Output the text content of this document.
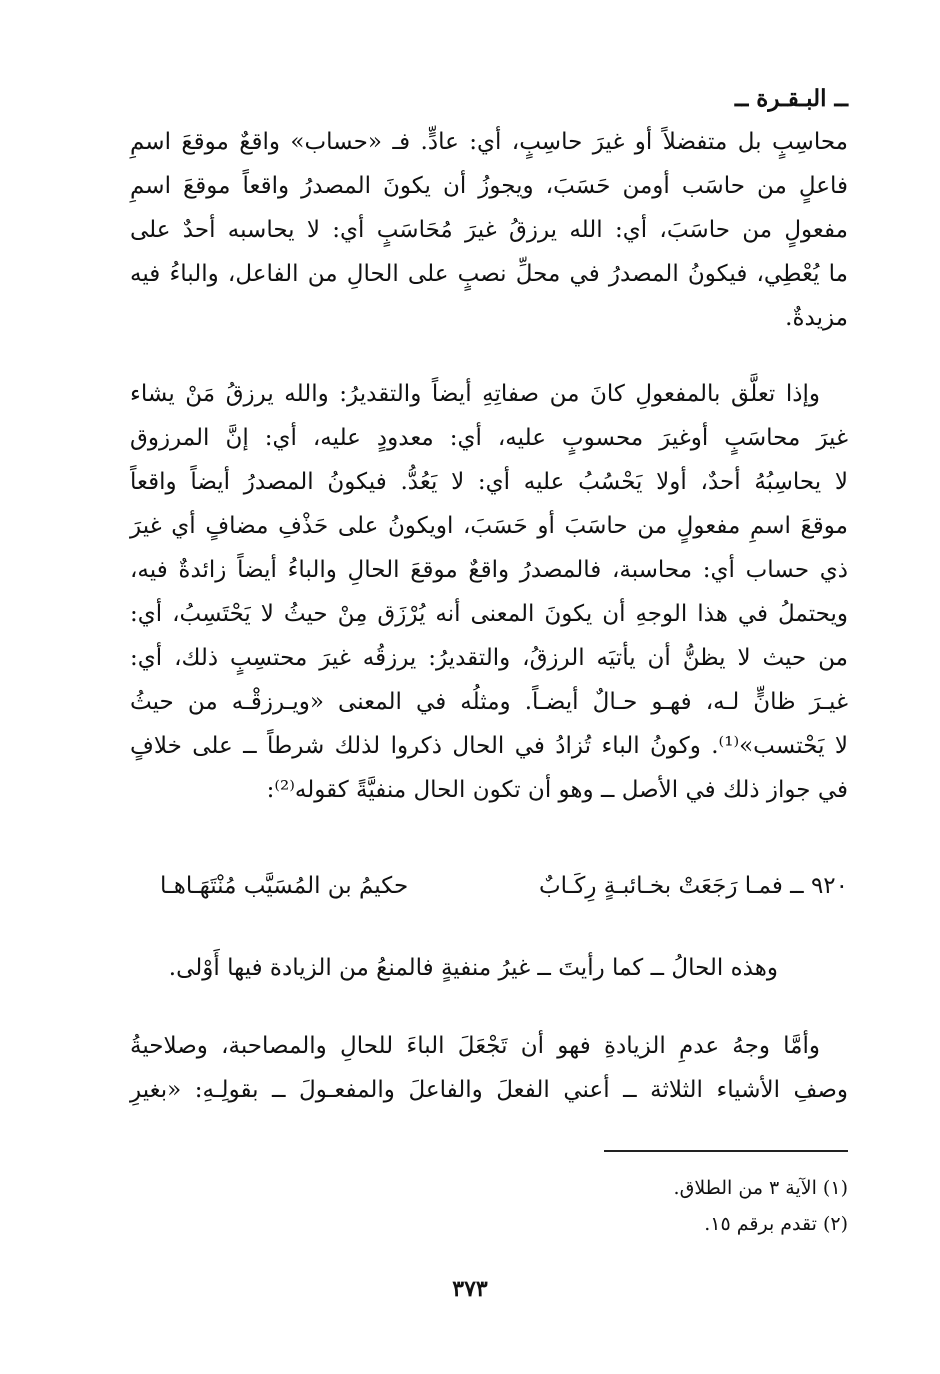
ــ البـقـرة ــ

محاسِبٍ بل متفضلاً أو غيرَ حاسِبٍ، أي: عادٍّ. فـ «حساب» واقعٌ موقعَ اسمِ
فاعلٍ من حاسَب أومن حَسَبَ، ويجوزُ أن يكونَ المصدرُ واقعاً موقعَ اسمِ
مفعولٍ من حاسَبَ، أي: الله يرزقُ غيرَ مُحَاسَبٍ أي: لا يحاسبه أحدٌ على
ما يُعْطِي، فيكونُ المصدرُ في محلِّ نصبٍ على الحالِ من الفاعل، والباءُ فيه
مزيدةٌ.

وإذا تعلَّق بالمفعولِ كانَ من صفاتِهِ أيضاً والتقديرُ: والله يرزقُ مَنْ يشاء
غيرَ محاسَبٍ أوغيرَ محسوبٍ عليه، أي: معدودٍ عليه، أي: إنَّ المرزوق
لا يحاسِبُهُ أحدٌ، أولا يَحْسُبُ عليه أي: لا يَعُدُّ. فيكونُ المصدرُ أيضاً واقعاً
موقعَ اسمِ مفعولٍ من حاسَبَ أو حَسَبَ، اويكونُ على حَذْفِ مضافٍ أي غيرَ
ذي حساب أي: محاسبة، فالمصدرُ واقعٌ موقعَ الحالِ والباءُ أيضاً زائدةٌ فيه،
ويحتملُ في هذا الوجهِ أن يكونَ المعنى أنه يُرْزَق مِنْ حيثُ لا يَحْتَسِبُ، أي:
من حيث لا يظنُّ أن يأتيَه الرزقُ، والتقديرُ: يرزقُه غيرَ محتسِبٍ ذلك، أي:
غيـرَ ظانٍّ لـه، فهـو حـالٌ أيضـاً. ومثلُه في المعنى «ويـرزقْـه من حيثُ
لا يَحْتسب»⁽¹⁾. وكونُ الباء تُزادُ في الحال ذكروا لذلك شرطاً ــ على خلافٍ
في جواز ذلك في الأصل ــ وهو أن تكون الحال منفيَّةً كقوله⁽²⁾:

٩٢٠ ــ فمـا رَجَعَتْ بخـائبـةٍ رِكَـابٌ
حكيمُ بن المُسَيَّب مُنْتَهَـاهـا

وهذه الحالُ ــ كما رأيتَ ــ غيرُ منفيةٍ فالمنعُ من الزيادة فيها أَوْلى.

وأمَّا وجهُ عدمِ الزيادةِ فهو أن تَجْعَلَ الباءَ للحالِ والمصاحبة، وصلاحيةُ
وصفِ الأشياء الثلاثة ــ أعني الفعلَ والفاعلَ والمفعـولَ ــ بقولِـهِ: «بغيرِ

(١) الآية ٣ من الطلاق.
(٢) تقدم برقم ١٥.
٣٧٣
